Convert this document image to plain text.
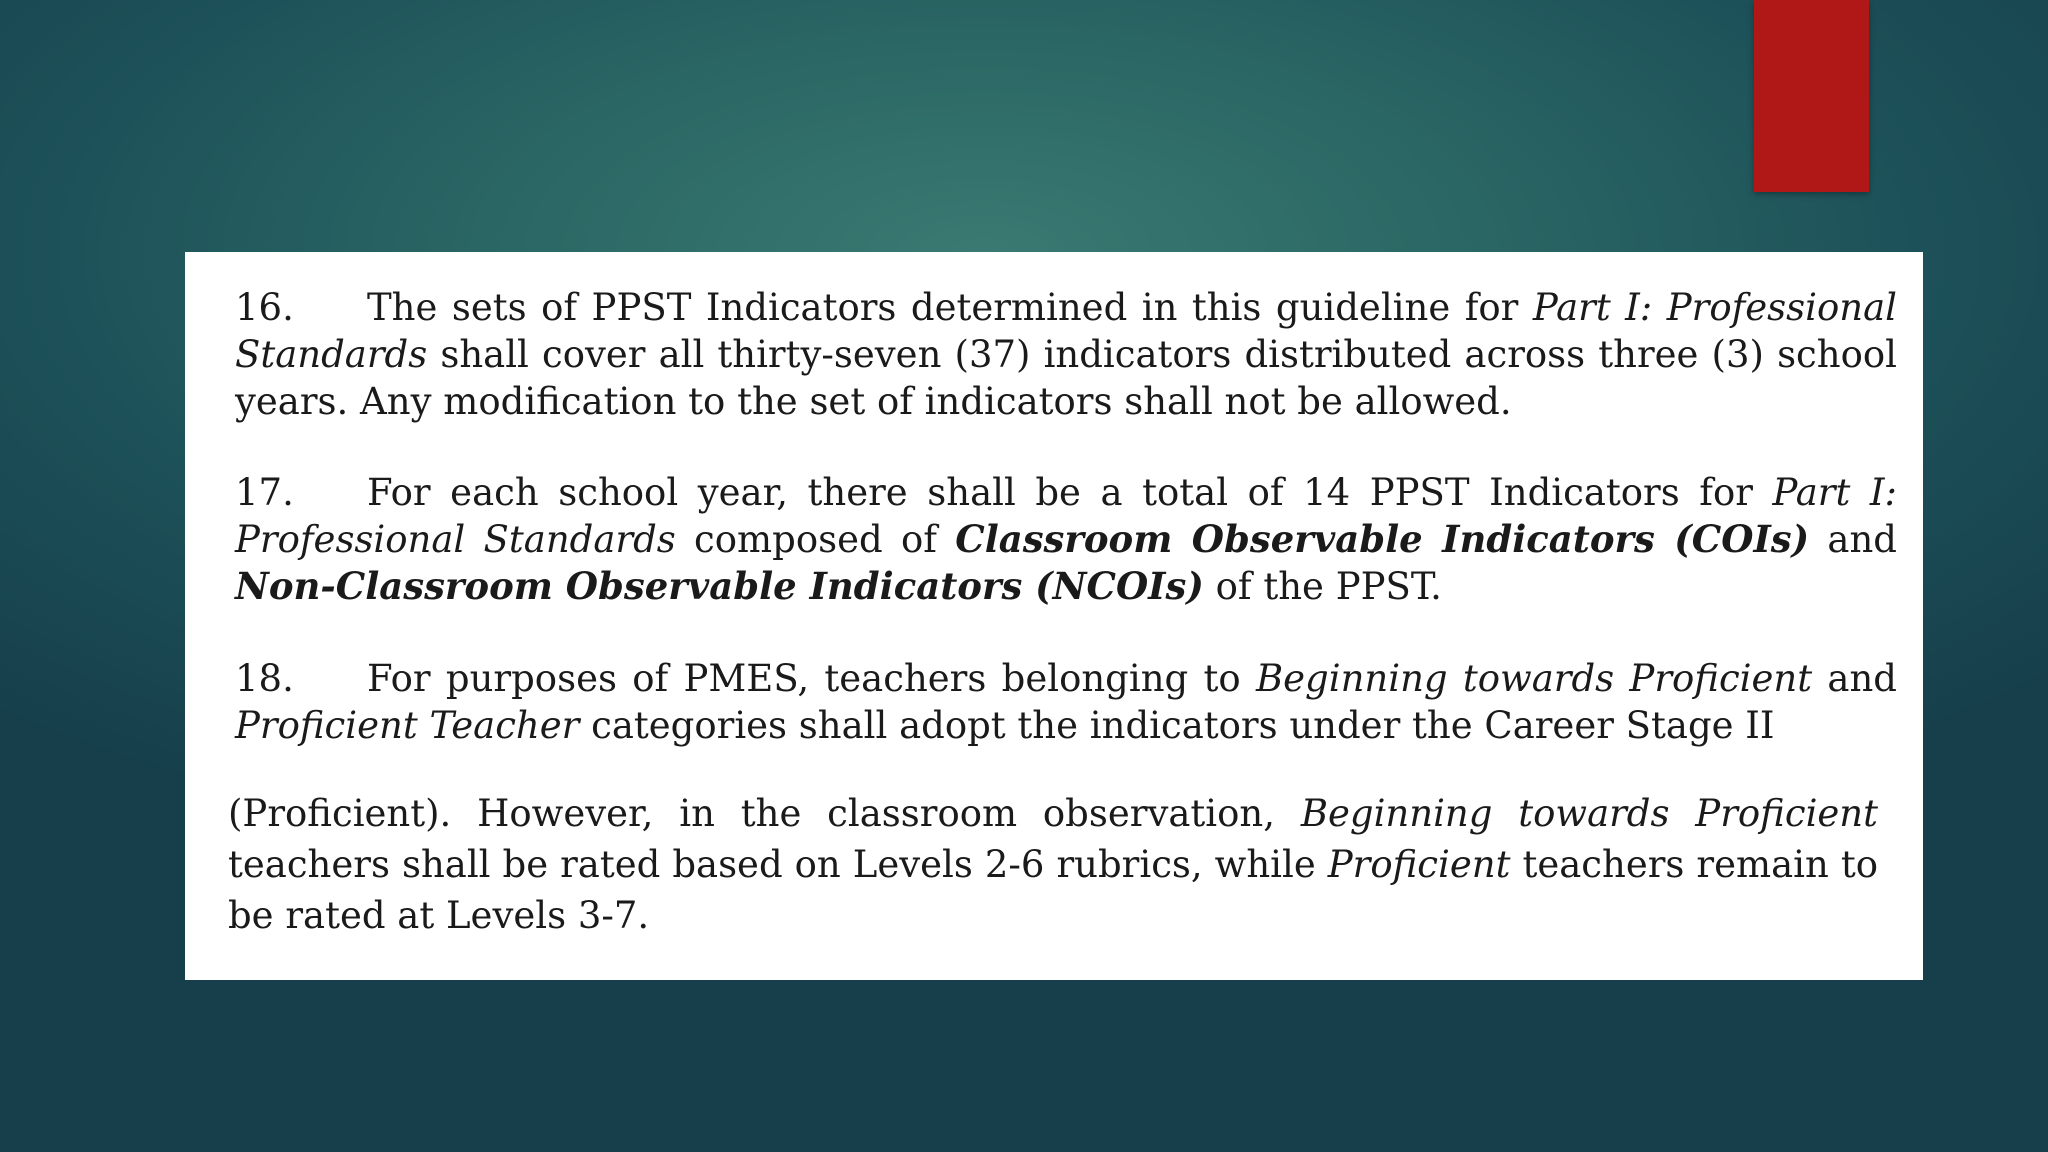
16. The sets of PPST Indicators determined in this guideline for Part I: Professional Standards shall cover all thirty-seven (37) indicators distributed across three (3) school years. Any modification to the set of indicators shall not be allowed.
17. For each school year, there shall be a total of 14 PPST Indicators for Part I: Professional Standards composed of Classroom Observable Indicators (COIs) and Non-Classroom Observable Indicators (NCOIs) of the PPST.
18. For purposes of PMES, teachers belonging to Beginning towards Proficient and Proficient Teacher categories shall adopt the indicators under the Career Stage II
(Proficient). However, in the classroom observation, Beginning towards Proficient teachers shall be rated based on Levels 2-6 rubrics, while Proficient teachers remain to be rated at Levels 3-7.
